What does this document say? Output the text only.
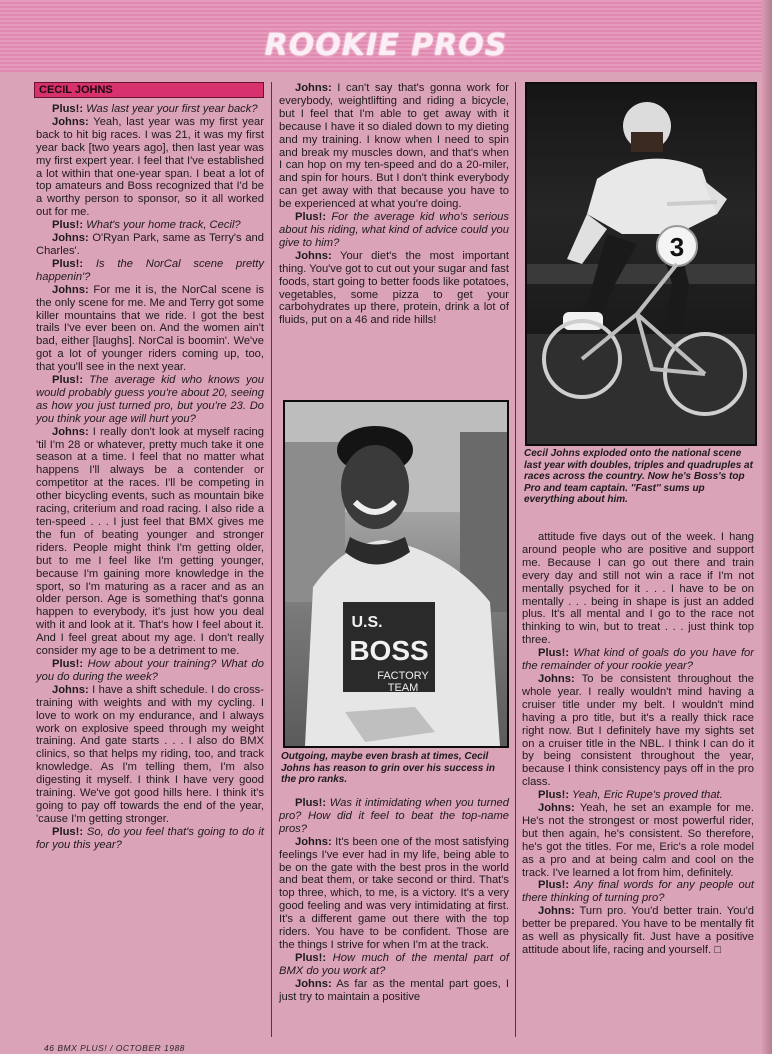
ROOKIE PROS
CECIL JOHNS

Plus!: Was last year your first year back?

Johns: Yeah, last year was my first year back to hit big races. I was 21, it was my first year back [two years ago], then last year was my first expert year. I feel that I've established a lot within that one-year span. I beat a lot of top amateurs and Boss recognized that I'd be a worthy person to sponsor, so it all worked out for me.

Plus!: What's your home track, Cecil?

Johns: O'Ryan Park, same as Terry's and Charles'.

Plus!: Is the NorCal scene pretty happenin'?

Johns: For me it is, the NorCal scene is the only scene for me. Me and Terry got some killer mountains that we ride. I got the best trails I've ever been on. And the women ain't bad, either [laughs]. NorCal is boomin'. We've got a lot of younger riders coming up, too, that you'll see in the next year.

Plus!: The average kid who knows you would probably guess you're about 20, seeing as how you just turned pro, but you're 23. Do you think your age will hurt you?

Johns: I really don't look at myself racing 'til I'm 28 or whatever, pretty much take it one season at a time. I feel that no matter what happens I'll always be a contender or competitor at the races. I'll be competing in other bicycling events, such as mountain bike racing, criterium and road racing. I also ride a ten-speed . . . I just feel that BMX gives me the fun of beating younger and stronger riders. People might think I'm getting older, but to me I feel like I'm getting younger, because I'm gaining more knowledge in the sport, so I'm maturing as a racer and as an older person. Age is something that's gonna happen to everybody, it's just how you deal with it and look at it. That's how I feel about it. And I feel great about my age. I don't really consider my age to be a detriment to me.

Plus!: How about your training? What do you do during the week?

Johns: I have a shift schedule. I do cross-training with weights and with my cycling. I love to work on my endurance, and I always work on explosive speed through my weight training. And gate starts . . . I also do BMX clinics, so that helps my riding, too, and track knowledge. As I'm telling them, I'm also digesting it myself. I think I have very good training. We've got good hills here. I think it's going to pay off towards the end of the year, 'cause I'm getting stronger.

Plus!: So, do you feel that's going to do it for you this year?

Johns: I can't say that's gonna work for everybody, weightlifting and riding a bicycle, but I feel that I'm able to get away with it because I have it so dialed down to my dieting and my training. I know when I need to spin and break my muscles down, and that's when I can hop on my ten-speed and do a 20-miler, and spin for hours. But I don't think everybody can get away with that because you have to be experienced at what you're doing.

Plus!: For the average kid who's serious about his riding, what kind of advice could you give to him?

Johns: Your diet's the most important thing. You've got to cut out your sugar and fast foods, start going to better foods like potatoes, vegetables, some pizza to get your carbohydrates up there, protein, drink a lot of fluids, put on a 46 and ride hills!

3
Cecil Johns exploded onto the national scene last year with doubles, triples and quadruples at races across the country. Now he's Boss's top Pro and team captain. ''Fast'' sums up everything about him.
U.S.
BOSS
FACTORY
TEAM
Outgoing, maybe even brash at times, Cecil Johns has reason to grin over his success in the pro ranks.

Plus!: Was it intimidating when you turned pro? How did it feel to beat the top-name pros?

Johns: It's been one of the most satisfying feelings I've ever had in my life, being able to be on the gate with the best pros in the world and beat them, or take second or third. That's top three, which, to me, is a victory. It's a very good feeling and was very intimidating at first. It's a different game out there with the top riders. You have to be confident. Those are the things I strive for when I'm at the track.

Plus!: How much of the mental part of BMX do you work at?

Johns: As far as the mental part goes, I just try to maintain a positive

attitude five days out of the week. I hang around people who are positive and support me. Because I can go out there and train every day and still not win a race if I'm not mentally psyched for it . . . I have to be on mentally . . . being in shape is just an added plus. It's all mental and I go to the race not thinking to win, but to treat . . . just think top three.

Plus!: What kind of goals do you have for the remainder of your rookie year?

Johns: To be consistent throughout the whole year. I really wouldn't mind having a cruiser title under my belt. I wouldn't mind having a pro title, but it's a really thick race right now. But I definitely have my sights set on a cruiser title in the NBL. I think I can do it by being consistent throughout the year, because I think consistency pays off in the pro class.

Plus!: Yeah, Eric Rupe's proved that.

Johns: Yeah, he set an example for me. He's not the strongest or most powerful rider, but then again, he's consistent. So therefore, he's got the titles. For me, Eric's a role model as a pro and at being calm and cool on the track. I've learned a lot from him, definitely.

Plus!: Any final words for any people out there thinking of turning pro?

Johns: Turn pro. You'd better train. You'd better be prepared. You have to be mentally fit as well as physically fit. Just have a positive attitude about life, racing and yourself. □

46 BMX PLUS! / OCTOBER 1988
